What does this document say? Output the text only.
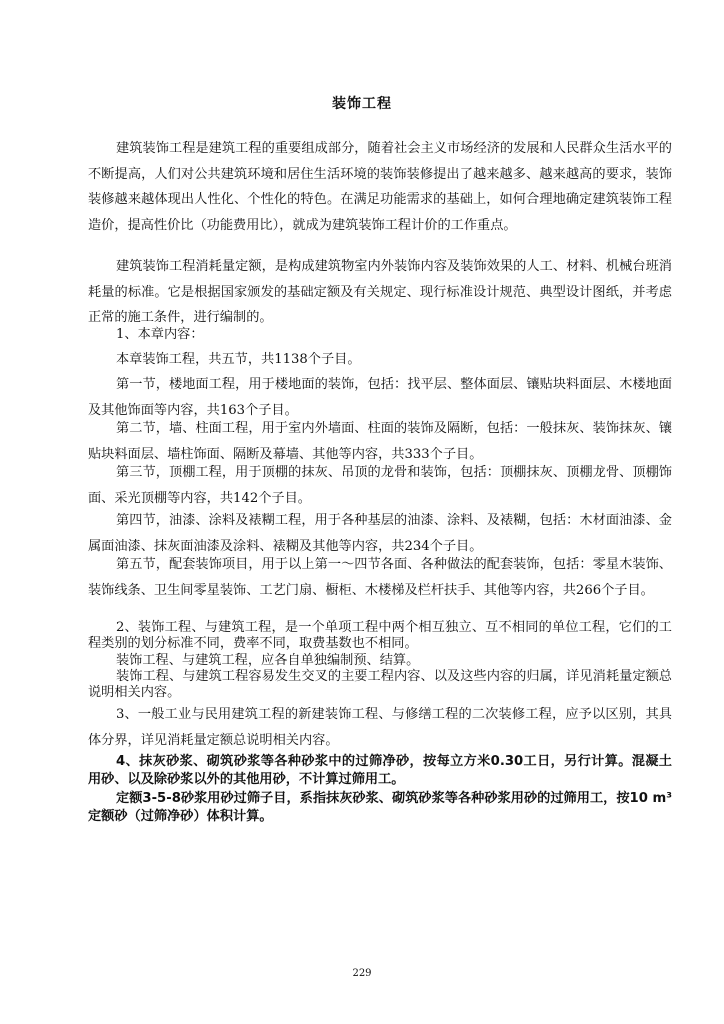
装饰工程

建筑装饰工程是建筑工程的重要组成部分，随着社会主义市场经济的发展和人民群众生活水平的不断提高，人们对公共建筑环境和居住生活环境的装饰装修提出了越来越多、越来越高的要求，装饰装修越来越体现出人性化、个性化的特色。在满足功能需求的基础上，如何合理地确定建筑装饰工程造价，提高性价比（功能费用比），就成为建筑装饰工程计价的工作重点。

建筑装饰工程消耗量定额，是构成建筑物室内外装饰内容及装饰效果的人工、材料、机械台班消耗量的标准。它是根据国家颁发的基础定额及有关规定、现行标准设计规范、典型设计图纸，并考虑正常的施工条件，进行编制的。

1、本章内容：

本章装饰工程，共五节，共1138个子目。

第一节，楼地面工程，用于楼地面的装饰，包括：找平层、整体面层、镶贴块料面层、木楼地面及其他饰面等内容，共163个子目。

第二节，墙、柱面工程，用于室内外墙面、柱面的装饰及隔断，包括：一般抹灰、装饰抹灰、镶贴块料面层、墙柱饰面、隔断及幕墙、其他等内容，共333个子目。

第三节，顶棚工程，用于顶棚的抹灰、吊顶的龙骨和装饰，包括：顶棚抹灰、顶棚龙骨、顶棚饰面、采光顶棚等内容，共142个子目。

第四节，油漆、涂料及裱糊工程，用于各种基层的油漆、涂料、及裱糊，包括：木材面油漆、金属面油漆、抹灰面油漆及涂料、裱糊及其他等内容，共234个子目。

第五节，配套装饰项目，用于以上第一～四节各面、各种做法的配套装饰，包括：零星木装饰、装饰线条、卫生间零星装饰、工艺门扇、橱柜、木楼梯及栏杆扶手、其他等内容，共266个子目。

2、装饰工程、与建筑工程，是一个单项工程中两个相互独立、互不相同的单位工程，它们的工程类别的划分标准不同，费率不同，取费基数也不相同。

装饰工程、与建筑工程，应各自单独编制预、结算。

装饰工程、与建筑工程容易发生交叉的主要工程内容、以及这些内容的归属，详见消耗量定额总说明相关内容。

3、一般工业与民用建筑工程的新建装饰工程、与修缮工程的二次装修工程，应予以区别，其具体分界，详见消耗量定额总说明相关内容。

4、抹灰砂浆、砌筑砂浆等各种砂浆中的过筛净砂，按每立方米0.30工日，另行计算。混凝土用砂、以及除砂浆以外的其他用砂，不计算过筛用工。

定额3-5-8砂浆用砂过筛子目，系指抹灰砂浆、砌筑砂浆等各种砂浆用砂的过筛用工，按10 m³定额砂（过筛净砂）体积计算。

229
